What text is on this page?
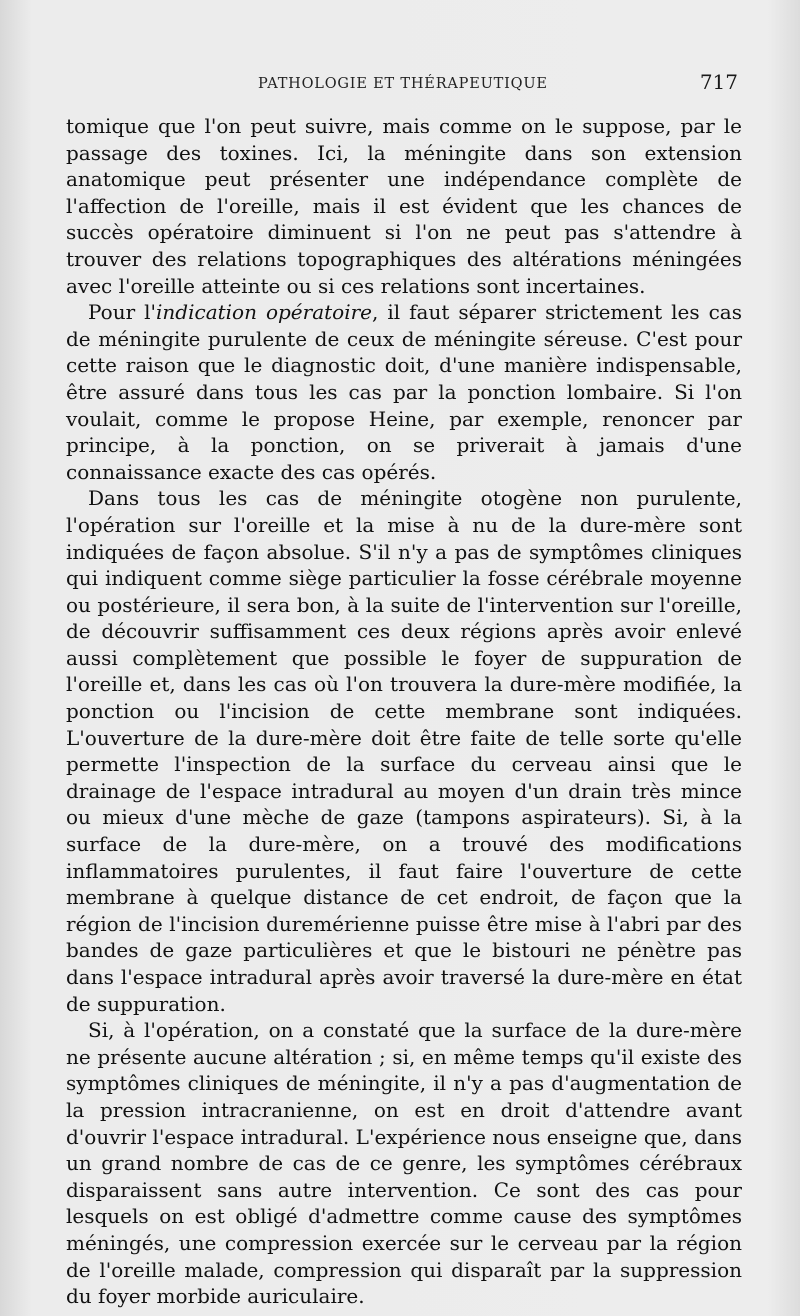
PATHOLOGIE ET THÉRAPEUTIQUE	717

tomique que l'on peut suivre, mais comme on le suppose, par le passage des toxines. Ici, la méningite dans son extension anatomique peut présenter une indépendance complète de l'affection de l'oreille, mais il est évident que les chances de succès opératoire diminuent si l'on ne peut pas s'attendre à trouver des relations topographiques des altérations méningées avec l'oreille atteinte ou si ces relations sont incertaines.

Pour l'indication opératoire, il faut séparer strictement les cas de méningite purulente de ceux de méningite séreuse. C'est pour cette raison que le diagnostic doit, d'une manière indispensable, être assuré dans tous les cas par la ponction lombaire. Si l'on voulait, comme le propose Heine, par exemple, renoncer par principe, à la ponction, on se priverait à jamais d'une connaissance exacte des cas opérés.

Dans tous les cas de méningite otogène non purulente, l'opération sur l'oreille et la mise à nu de la dure-mère sont indiquées de façon absolue. S'il n'y a pas de symptômes cliniques qui indiquent comme siège particulier la fosse cérébrale moyenne ou postérieure, il sera bon, à la suite de l'intervention sur l'oreille, de découvrir suffisamment ces deux régions après avoir enlevé aussi complètement que possible le foyer de suppuration de l'oreille et, dans les cas où l'on trouvera la dure-mère modifiée, la ponction ou l'incision de cette membrane sont indiquées. L'ouverture de la dure-mère doit être faite de telle sorte qu'elle permette l'inspection de la surface du cerveau ainsi que le drainage de l'espace intradural au moyen d'un drain très mince ou mieux d'une mèche de gaze (tampons aspirateurs). Si, à la surface de la dure-mère, on a trouvé des modifications inflammatoires purulentes, il faut faire l'ouverture de cette membrane à quelque distance de cet endroit, de façon que la région de l'incision duremérienne puisse être mise à l'abri par des bandes de gaze particulières et que le bistouri ne pénètre pas dans l'espace intradural après avoir traversé la dure-mère en état de suppuration.

Si, à l'opération, on a constaté que la surface de la dure-mère ne présente aucune altération ; si, en même temps qu'il existe des symptômes cliniques de méningite, il n'y a pas d'augmentation de la pression intracranienne, on est en droit d'attendre avant d'ouvrir l'espace intradural. L'expérience nous enseigne que, dans un grand nombre de cas de ce genre, les symptômes cérébraux disparaissent sans autre intervention. Ce sont des cas pour lesquels on est obligé d'admettre comme cause des symptômes méningés, une compression exercée sur le cerveau par la région de l'oreille malade, compression qui disparaît par la suppression du foyer morbide auriculaire.
